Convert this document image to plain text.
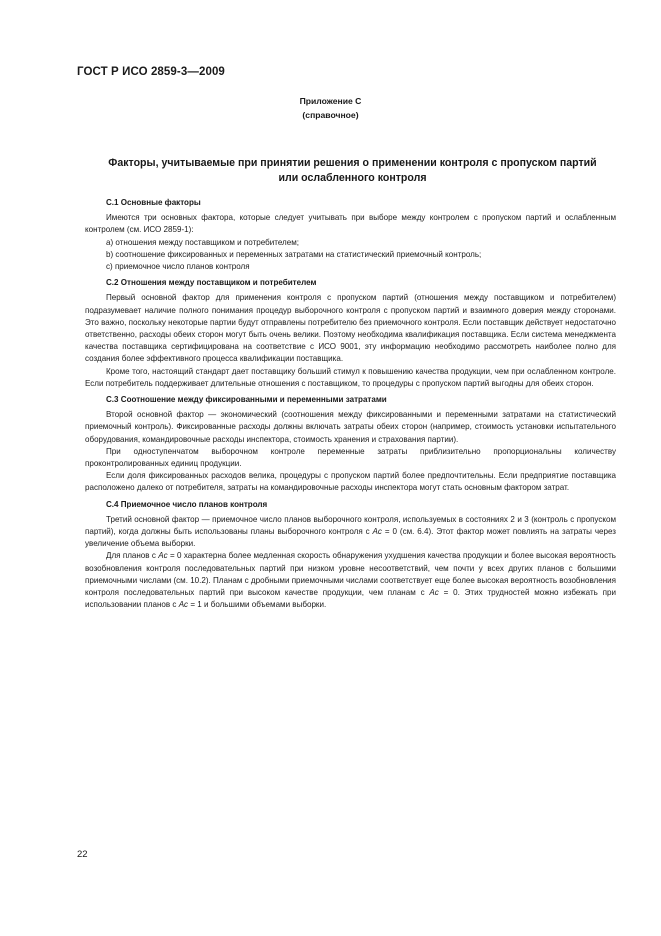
ГОСТ Р ИСО 2859-3—2009
Приложение С
(справочное)
Факторы, учитываемые при принятии решения о применении контроля с пропуском партий
или ослабленного контроля
С.1 Основные факторы

Имеются три основных фактора, которые следует учитывать при выборе между контролем с пропуском партий и ослабленным контролем (см. ИСО 2859-1):

а) отношения между поставщиком и потребителем;

b) соотношение фиксированных и переменных затратами на статистический приемочный контроль;

с) приемочное число планов контроля

С.2 Отношения между поставщиком и потребителем

Первый основной фактор для применения контроля с пропуском партий (отношения между поставщиком и потребителем) подразумевает наличие полного понимания процедур выборочного контроля с пропуском партий и взаимного доверия между сторонами. Это важно, поскольку некоторые партии будут отправлены потребителю без приемочного контроля. Если поставщик действует недостаточно ответственно, расходы обеих сторон могут быть очень велики. Поэтому необходима квалификация поставщика. Если система менеджмента качества поставщика сертифицирована на соответствие с ИСО 9001, эту информацию необходимо рассмотреть наиболее полно для создания более эффективного процесса квалификации поставщика.

Кроме того, настоящий стандарт дает поставщику больший стимул к повышению качества продукции, чем при ослабленном контроле. Если потребитель поддерживает длительные отношения с поставщиком, то процедуры с пропуском партий выгодны для обеих сторон.

С.3 Соотношение между фиксированными и переменными затратами

Второй основной фактор — экономический (соотношения между фиксированными и переменными затратами на статистический приемочный контроль). Фиксированные расходы должны включать затраты обеих сторон (например, стоимость установки испытательного оборудования, командировочные расходы инспектора, стоимость хранения и страхования партии).

При одноступенчатом выборочном контроле переменные затраты приблизительно пропорциональны количеству проконтролированных единиц продукции.

Если доля фиксированных расходов велика, процедуры с пропуском партий более предпочтительны. Если предприятие поставщика расположено далеко от потребителя, затраты на командировочные расходы инспектора могут стать основным фактором затрат.

С.4 Приемочное число планов контроля

Третий основной фактор — приемочное число планов выборочного контроля, используемых в состояниях 2 и 3 (контроль с пропуском партий), когда должны быть использованы планы выборочного контроля с Ac = 0 (см. 6.4). Этот фактор может повлиять на затраты через увеличение объема выборки.

Для планов с Ac = 0 характерна более медленная скорость обнаружения ухудшения качества продукции и более высокая вероятность возобновления контроля последовательных партий при низком уровне несоответствий, чем почти у всех других планов с большими приемочными числами (см. 10.2). Планам с дробными приемочными числами соответствует еще более высокая вероятность возобновления контроля последовательных партий при высоком качестве продукции, чем планам с Ac = 0. Этих трудностей можно избежать при использовании планов с Ac = 1 и большими объемами выборки.

22
